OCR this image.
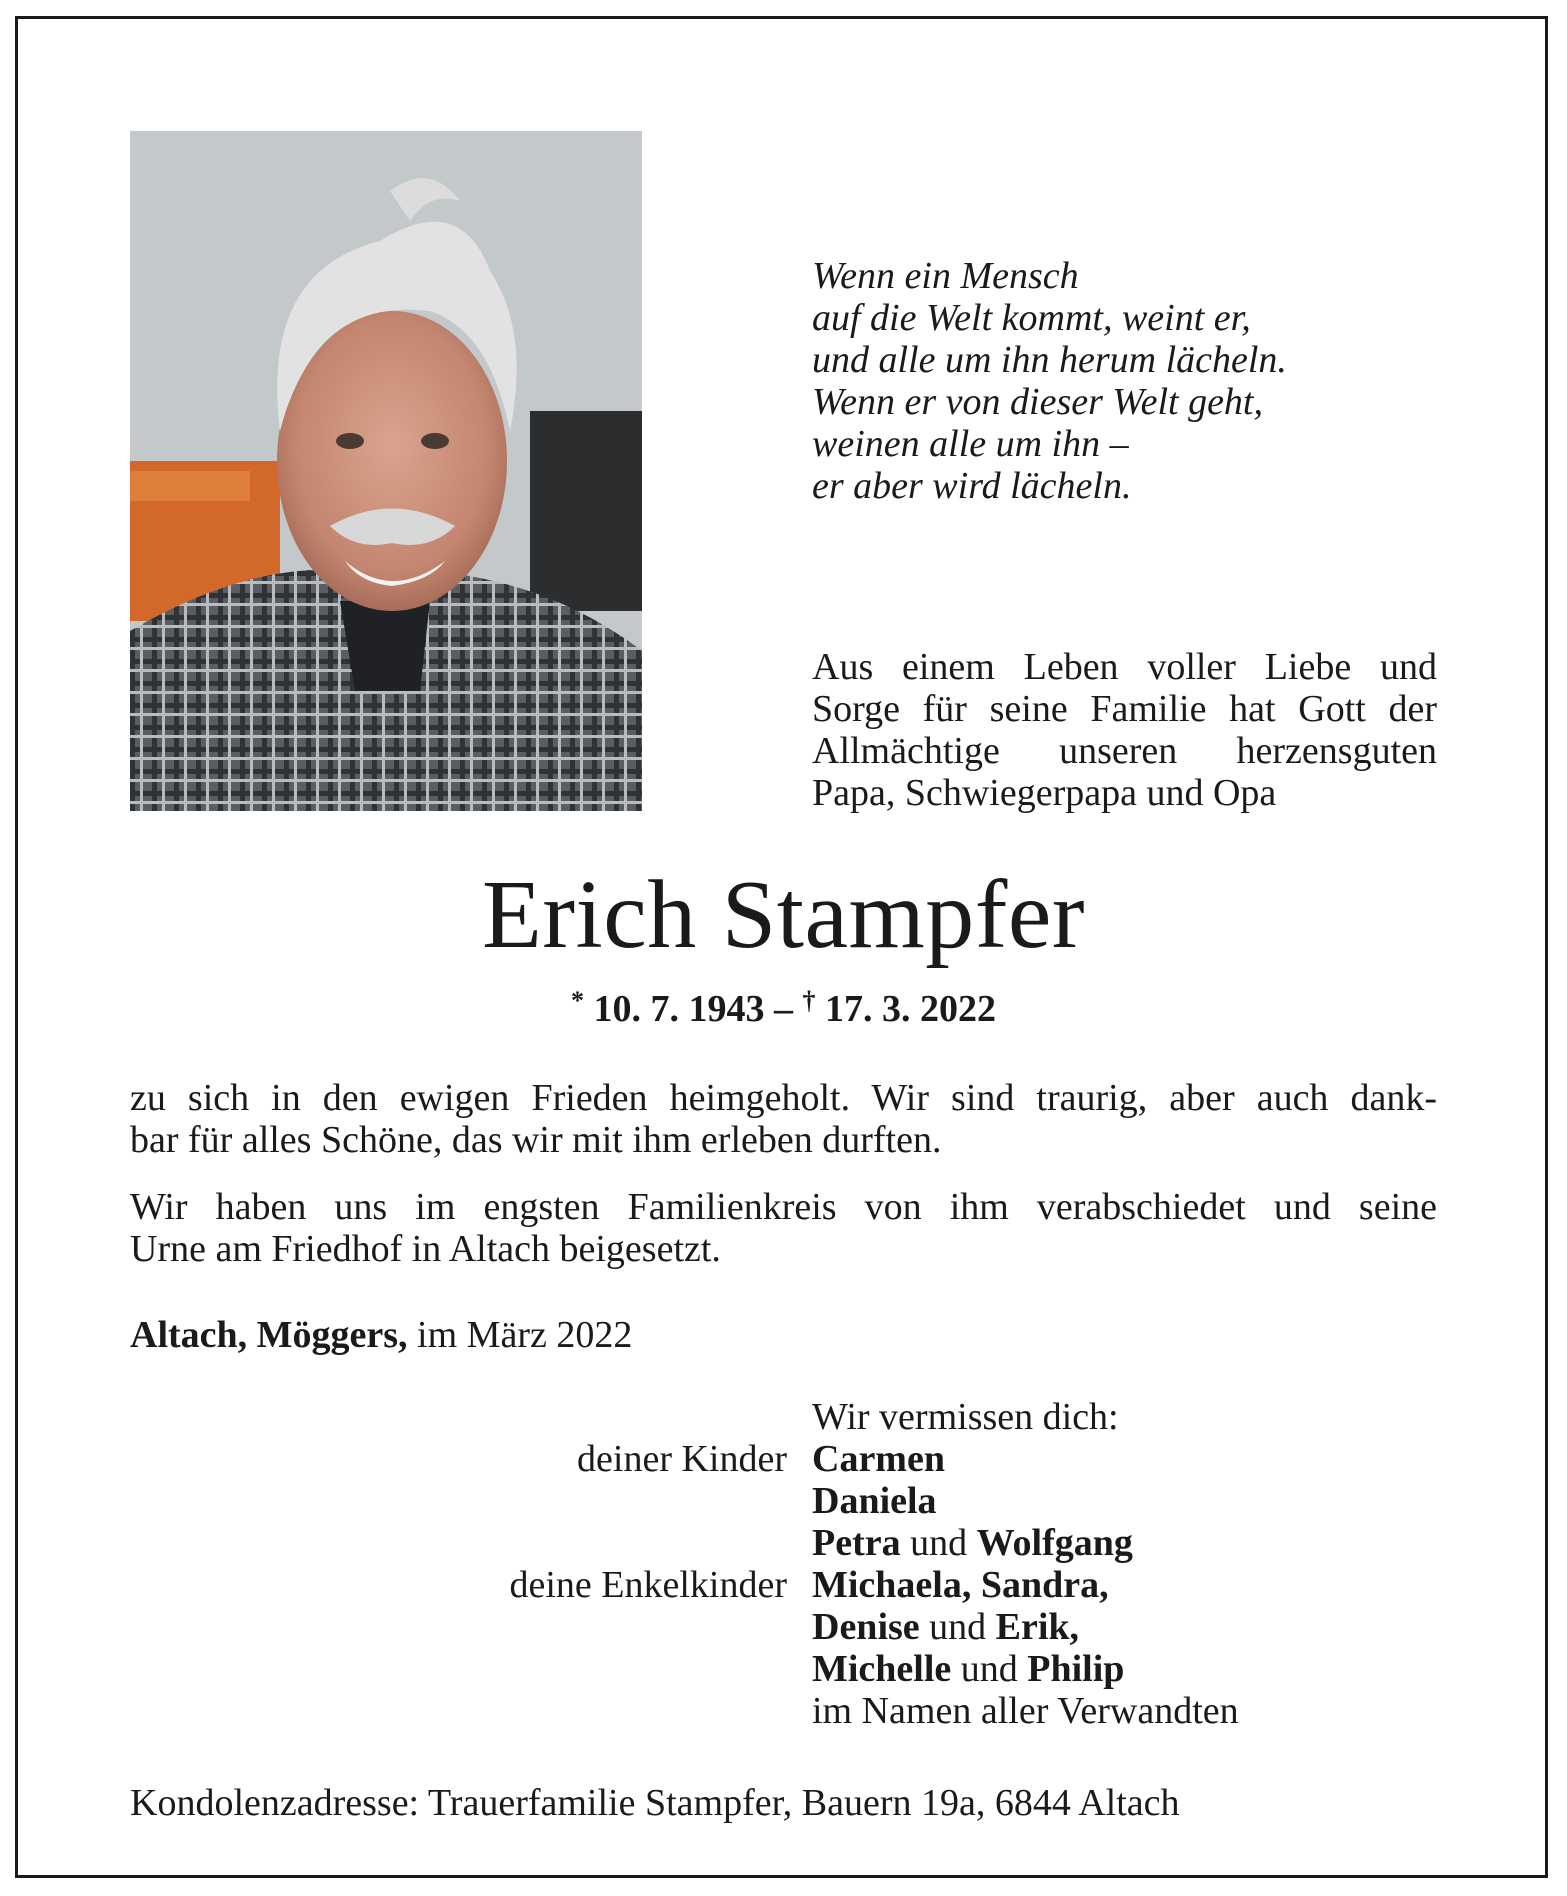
Wenn ein Mensch
auf die Welt kommt, weint er,
und alle um ihn herum lächeln.
Wenn er von dieser Welt geht,
weinen alle um ihn –
er aber wird lächeln.
Aus einem Leben voller Liebe und
Sorge für seine Familie hat Gott der
Allmächtige unseren herzensguten
Papa, Schwiegerpapa und Opa
Erich Stampfer
* 10. 7. 1943 – † 17. 3. 2022
zu sich in den ewigen Frieden heimgeholt. Wir sind traurig, aber auch dank-
bar für alles Schöne, das wir mit ihm erleben durften.
Wir haben uns im engsten Familienkreis von ihm verabschiedet und seine
Urne am Friedhof in Altach beigesetzt.
Altach, Möggers, im März 2022
Wir vermissen dich:
deiner Kinder Carmen
Daniela
Petra und Wolfgang
deine Enkelkinder Michaela, Sandra,
Denise und Erik,
Michelle und Philip
im Namen aller Verwandten
Kondolenzadresse: Trauerfamilie Stampfer, Bauern 19a, 6844 Altach
